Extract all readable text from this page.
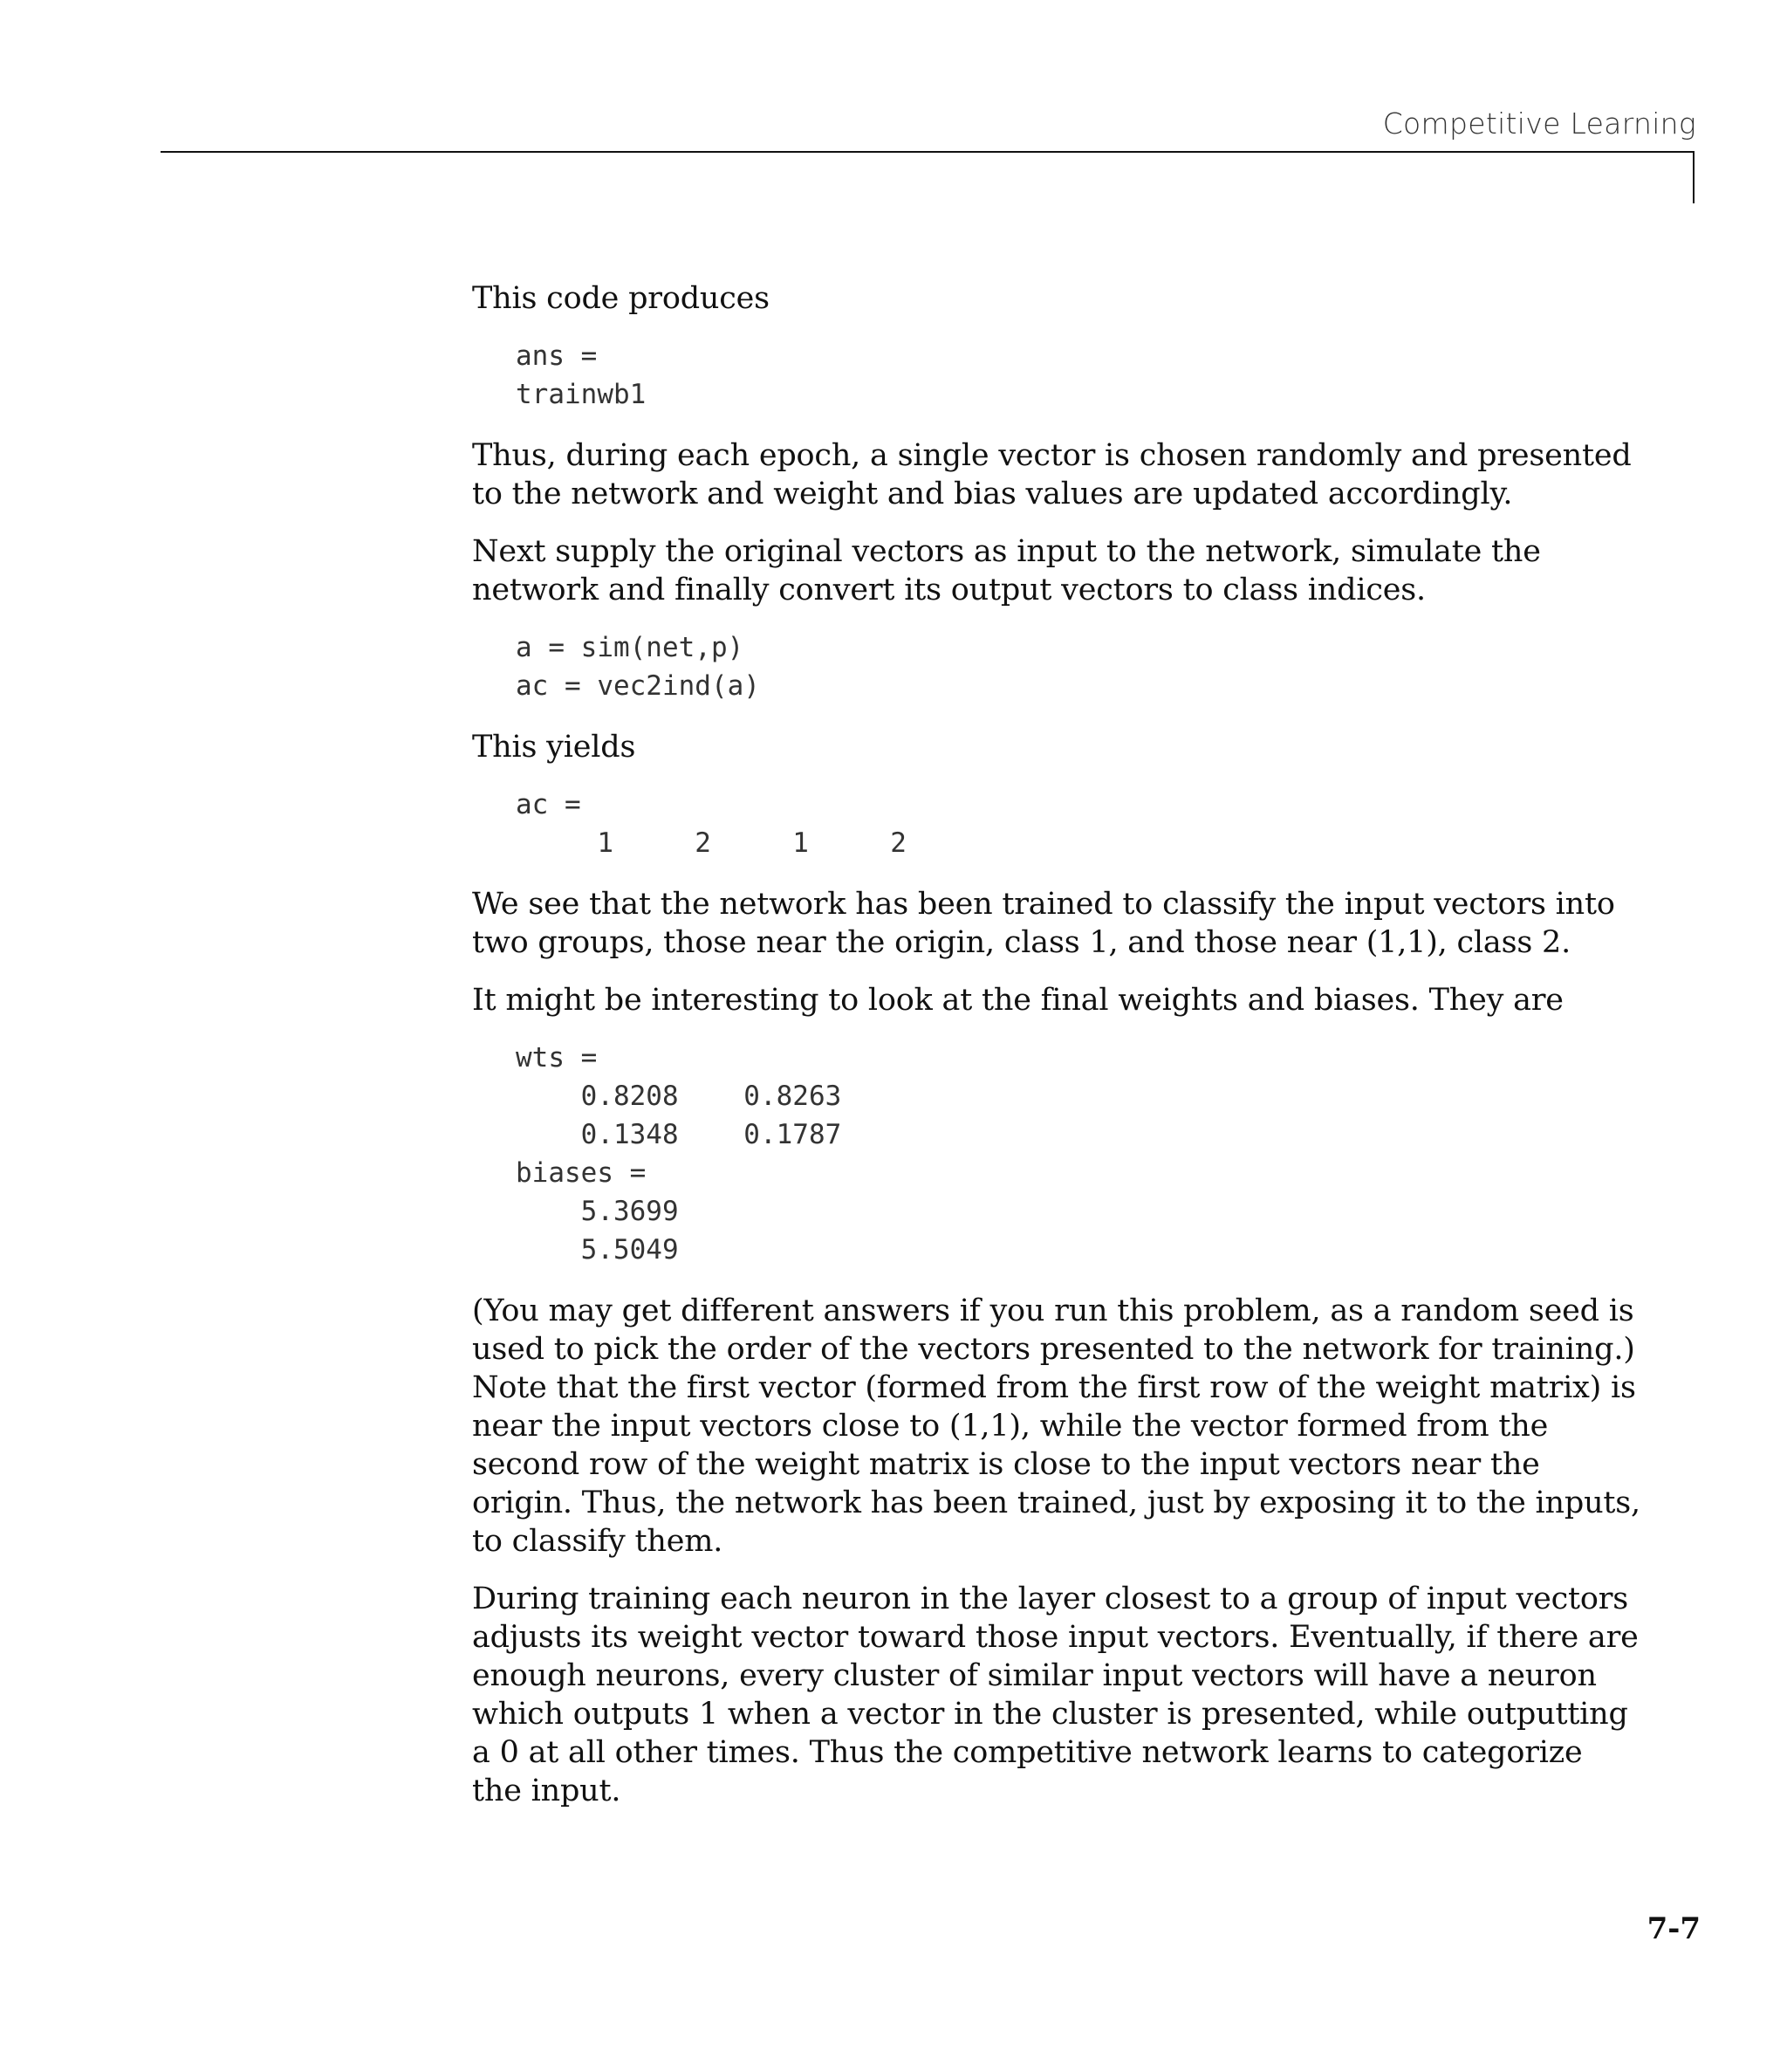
Competitive Learning

This code produces

ans =
trainwb1

Thus, during each epoch, a single vector is chosen randomly and presented to the network and weight and bias values are updated accordingly.

Next supply the original vectors as input to the network, simulate the network and finally convert its output vectors to class indices.

a = sim(net,p)
ac = vec2ind(a)

This yields

ac =
1     2     1     2

We see that the network has been trained to classify the input vectors into two groups, those near the origin, class 1, and those near (1,1), class 2.

It might be interesting to look at the final weights and biases. They are

wts =
0.8208    0.8263
0.1348    0.1787
biases =
5.3699
5.5049

(You may get different answers if you run this problem, as a random seed is used to pick the order of the vectors presented to the network for training.) Note that the first vector (formed from the first row of the weight matrix) is near the input vectors close to (1,1), while the vector formed from the second row of the weight matrix is close to the input vectors near the origin. Thus, the network has been trained, just by exposing it to the inputs, to classify them.

During training each neuron in the layer closest to a group of input vectors adjusts its weight vector toward those input vectors. Eventually, if there are enough neurons, every cluster of similar input vectors will have a neuron which outputs 1 when a vector in the cluster is presented, while outputting a 0 at all other times. Thus the competitive network learns to categorize the input.

7-7
